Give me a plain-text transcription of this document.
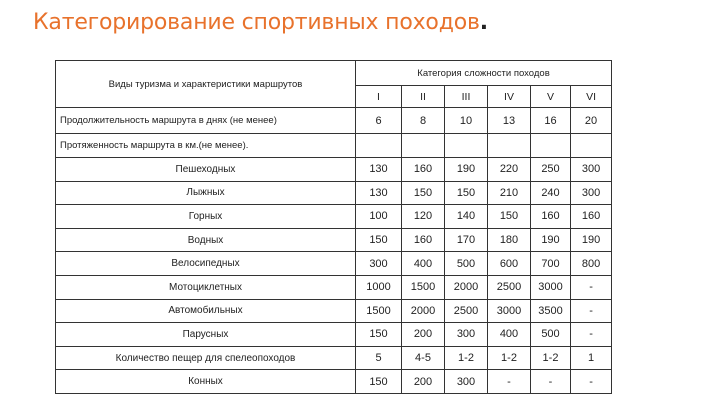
Категорирование спортивных походов.
Виды туризма и характеристики маршрутов	Категория сложности походов					
	I	II	III	IV	V	VI
Продолжительность маршрута в днях (не менее)	6	8	10	13	16	20
Протяженность маршрута в км.(не менее).						
Пешеходных	130	160	190	220	250	300
Лыжных	130	150	150	210	240	300
Горных	100	120	140	150	160	160
Водных	150	160	170	180	190	190
Велосипедных	300	400	500	600	700	800
Мотоциклетных	1000	1500	2000	2500	3000	-
Автомобильных	1500	2000	2500	3000	3500	-
Парусных	150	200	300	400	500	-
Количество пещер для спелеопоходов	5	4-5	1-2	1-2	1-2	1
Конных	150	200	300	-	-	-
